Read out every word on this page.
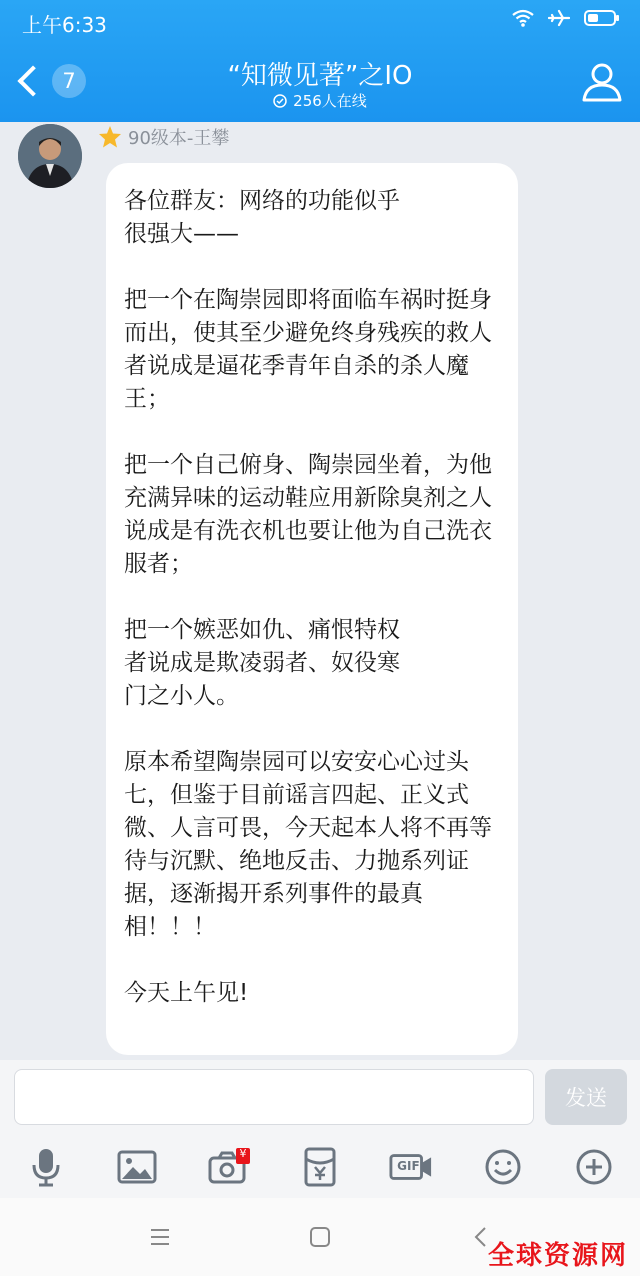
上午6:33
7	“知微见著”之IO
256人在线
90级本-王攀
各位群友：网络的功能似乎
很强大——

把一个在陶崇园即将面临车祸时挺身而出，使其至少避免终身残疾的救人者说成是逼花季青年自杀的杀人魔王；

把一个自己俯身、陶崇园坐着，为他充满异味的运动鞋应用新除臭剂之人说成是有洗衣机也要让他为自己洗衣服者；

把一个嫉恶如仇、痛恨特权
者说成是欺凌弱者、奴役寒
门之小人。

原本希望陶崇园可以安安心心过头七，但鉴于目前谣言四起、正义式微、人言可畏，今天起本人将不再等待与沉默、绝地反击、力抛系列证据，逐渐揭开系列事件的最真相！！！

今天上午见!
发送
¥
GIF
全球资源网
